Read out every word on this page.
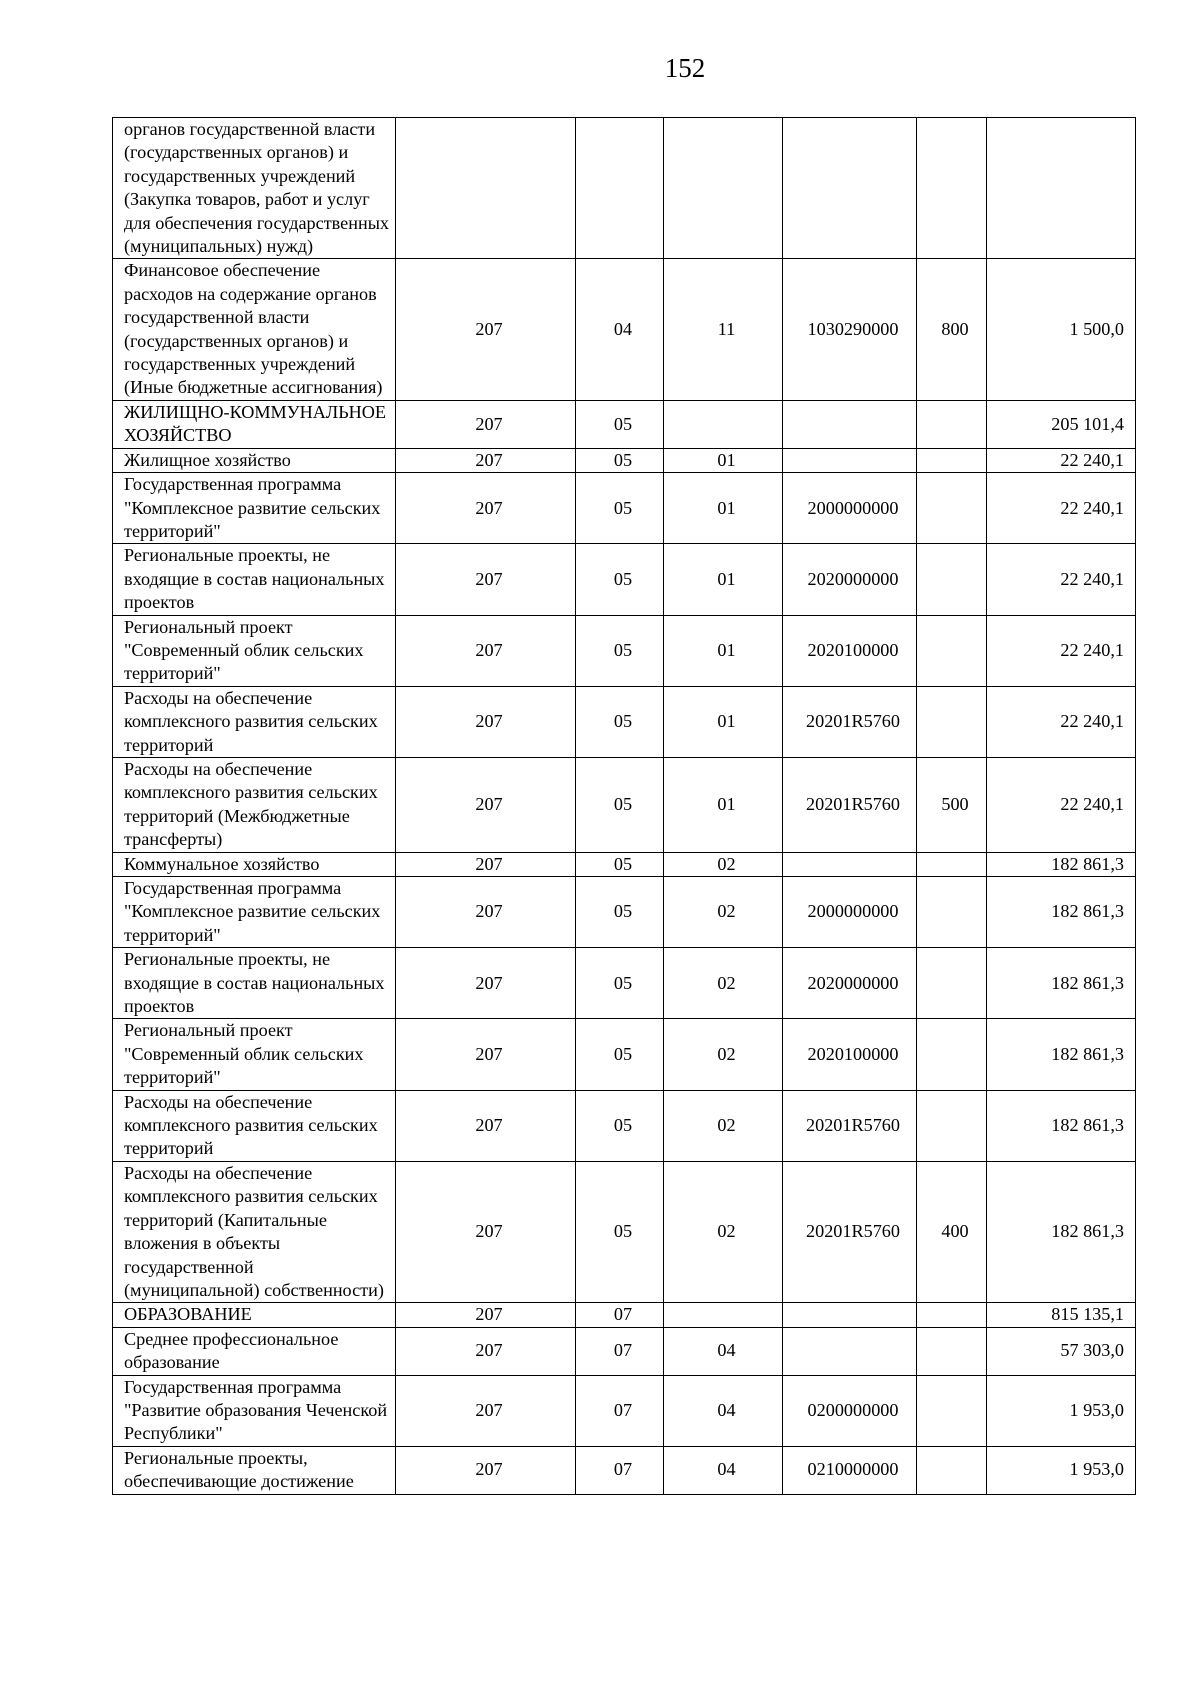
152
органов государственной власти (государственных органов) и государственных учреждений (Закупка товаров, работ и услуг для обеспечения государственных (муниципальных) нужд)						
Финансовое обеспечение расходов на содержание органов государственной власти (государственных органов) и государственных учреждений (Иные бюджетные ассигнования)	207	04	11	1030290000	800	1 500,0
ЖИЛИЩНО-КОММУНАЛЬНОЕ ХОЗЯЙСТВО	207	05				205 101,4
Жилищное хозяйство	207	05	01			22 240,1
Государственная программа "Комплексное развитие сельских территорий"	207	05	01	2000000000		22 240,1
Региональные проекты, не входящие в состав национальных проектов	207	05	01	2020000000		22 240,1
Региональный проект "Современный облик сельских территорий"	207	05	01	2020100000		22 240,1
Расходы на обеспечение комплексного развития сельских территорий	207	05	01	20201R5760		22 240,1
Расходы на обеспечение комплексного развития сельских территорий (Межбюджетные трансферты)	207	05	01	20201R5760	500	22 240,1
Коммунальное хозяйство	207	05	02			182 861,3
Государственная программа "Комплексное развитие сельских территорий"	207	05	02	2000000000		182 861,3
Региональные проекты, не входящие в состав национальных проектов	207	05	02	2020000000		182 861,3
Региональный проект "Современный облик сельских территорий"	207	05	02	2020100000		182 861,3
Расходы на обеспечение комплексного развития сельских территорий	207	05	02	20201R5760		182 861,3
Расходы на обеспечение комплексного развития сельских территорий (Капитальные вложения в объекты государственной (муниципальной) собственности)	207	05	02	20201R5760	400	182 861,3
ОБРАЗОВАНИЕ	207	07				815 135,1
Среднее профессиональное образование	207	07	04			57 303,0
Государственная программа "Развитие образования Чеченской Республики"	207	07	04	0200000000		1 953,0
Региональные проекты, обеспечивающие достижение	207	07	04	0210000000		1 953,0
